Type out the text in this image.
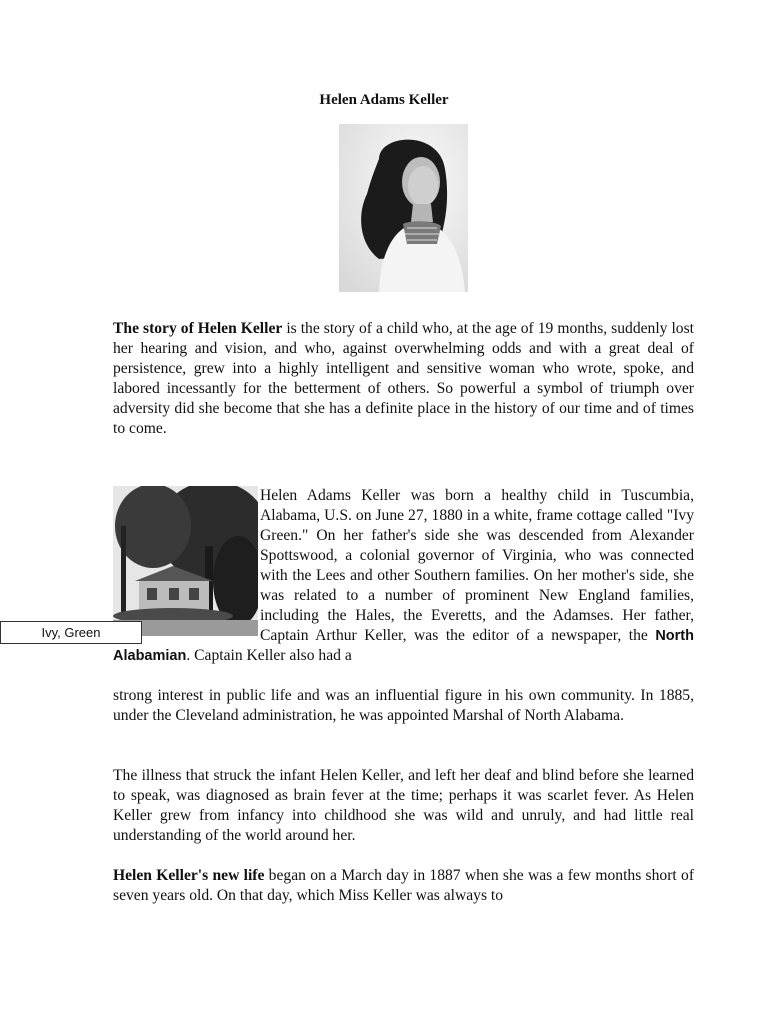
Helen Adams Keller

The story of Helen Keller is the story of a child who, at the age of 19 months, suddenly lost her hearing and vision, and who, against overwhelming odds and with a great deal of persistence, grew into a highly intelligent and sensitive woman who wrote, spoke, and labored incessantly for the betterment of others. So powerful a symbol of triumph over adversity did she become that she has a definite place in the history of our time and of times to come.

Helen Adams Keller was born a healthy child in Tuscumbia, Alabama, U.S. on June 27, 1880 in a white, frame cottage called "Ivy Green." On her father's side she was descended from Alexander Spottswood, a colonial governor of Virginia, who was connected with the Lees and other Southern families. On her mother's side, she was related to a number of prominent New England families, including the Hales, the Everetts, and the Adamses. Her father, Captain Arthur Keller, was the editor of a newspaper, the North Alabamian. Captain Keller also had a

Ivy, Green

strong interest in public life and was an influential figure in his own community. In 1885, under the Cleveland administration, he was appointed Marshal of North Alabama.

The illness that struck the infant Helen Keller, and left her deaf and blind before she learned to speak, was diagnosed as brain fever at the time; perhaps it was scarlet fever. As Helen Keller grew from infancy into childhood she was wild and unruly, and had little real understanding of the world around her.

Helen Keller's new life began on a March day in 1887 when she was a few months short of seven years old. On that day, which Miss Keller was always to
